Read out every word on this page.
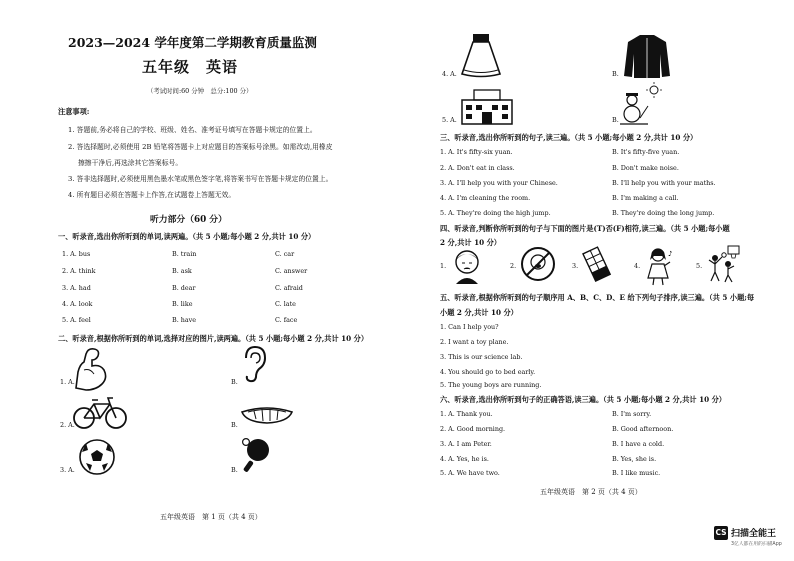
2023—2024 学年度第二学期教育质量监测
五年级　英语
（考试时间:60 分钟　总分:100 分）
注意事项:
1. 答题前,务必将自己的学校、班级、姓名、准考证号填写在答题卡规定的位置上。
2. 答选择题时,必须使用 2B 铅笔将答题卡上对应题目的答案标号涂黑。如需改动,用橡皮
擦擦干净后,再选涂其它答案标号。
3. 答非选择题时,必须使用黑色墨水笔或黑色签字笔,将答案书写在答题卡规定的位置上。
4. 所有题目必须在答题卡上作答,在试题卷上答题无效。
听力部分（60 分）
一、听录音,选出你所听到的单词,读两遍。（共 5 小题;每小题 2 分,共计 10 分）
1. A. bus	B. train	C. car
2. A. think	B. ask	C. answer
3. A. had	B. dear	C. afraid
4. A. look	B. like	C. late
5. A. feel	B. have	C. face
二、听录音,根据你所听到的单词,选择对应的图片,读两遍。（共 5 小题;每小题 2 分,共计 10 分）
1. A.	B.
2. A.	B.
3. A.	B.
五年级英语　第 1 页（共 4 页）
4. A.	B.
5. A.	B.
三、听录音,选出你所听到的句子,读三遍。（共 5 小题;每小题 2 分,共计 10 分）
1. A. It's fifty-six yuan.	B. It's fifty-five yuan.
2. A. Don't eat in class.	B. Don't make noise.
3. A. I'll help you with your Chinese.	B. I'll help you with your maths.
4. A. I'm cleaning the room.	B. I'm making a call.
5. A. They're doing the high jump.	B. They're doing the long jump.
四、听录音,判断你所听到的句子与下面的图片是(T)否(F)相符,读三遍。（共 5 小题;每小题
2 分,共计 10 分）
1.	2.	3.	4.
♪
5.
五、听录音,根据你所听到的句子顺序用 A、B、C、D、E 给下列句子排序,读三遍。（共 5 小题;每
小题 2 分,共计 10 分）
1. Can I help you?
2. I want a toy plane.
3. This is our science lab.
4. You should go to bed early.
5. The young boys are running.
六、听录音,选出你所听到句子的正确答语,读三遍。（共 5 小题;每小题 2 分,共计 10 分）
1. A. Thank you.	B. I'm sorry.
2. A. Good morning.	B. Good afternoon.
3. A. I am Peter.	B. I have a cold.
4. A. Yes, he is.	B. Yes, she is.
5. A. We have two.	B. I like music.
五年级英语　第 2 页（共 4 页）
CS 扫描全能王
3亿人都在用的扫描App
